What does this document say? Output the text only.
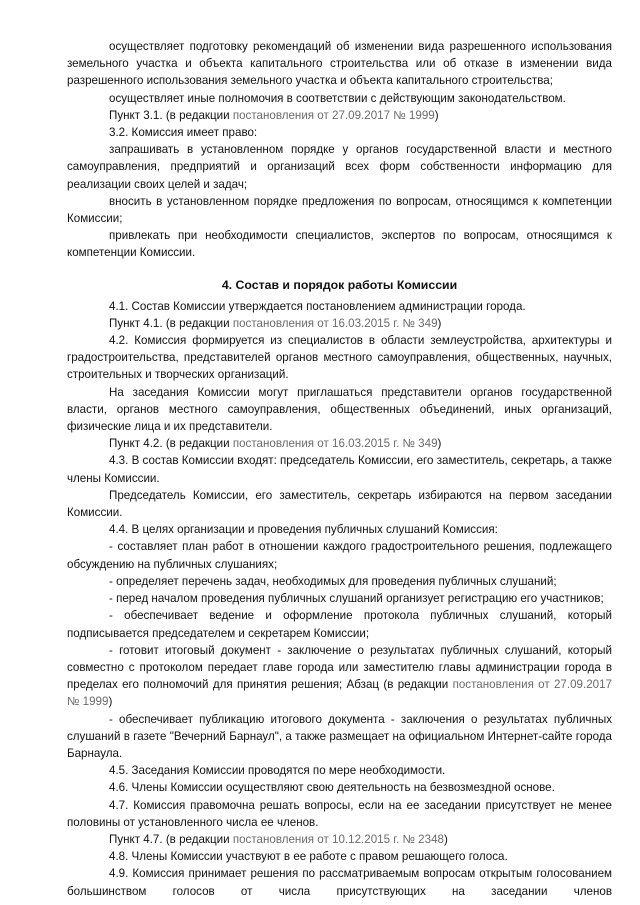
осуществляет подготовку рекомендаций об изменении вида разрешенного использования земельного участка и объекта капитального строительства или об отказе в изменении вида разрешенного использования земельного участка и объекта капитального строительства;

осуществляет иные полномочия в соответствии с действующим законодательством.

Пункт 3.1. (в редакции постановления от 27.09.2017 № 1999)

3.2. Комиссия имеет право:

запрашивать в установленном порядке у органов государственной власти и местного самоуправления, предприятий и организаций всех форм собственности информацию для реализации своих целей и задач;

вносить в установленном порядке предложения по вопросам, относящимся к компетенции Комиссии;

привлекать при необходимости специалистов, экспертов по вопросам, относящимся к компетенции Комиссии.

4. Состав и порядок работы Комиссии

4.1. Состав Комиссии утверждается постановлением администрации города.

Пункт 4.1. (в редакции постановления от 16.03.2015 г. № 349)

4.2. Комиссия формируется из специалистов в области землеустройства, архитектуры и градостроительства, представителей органов местного самоуправления, общественных, научных, строительных и творческих организаций.

На заседания Комиссии могут приглашаться представители органов государственной власти, органов местного самоуправления, общественных объединений, иных организаций, физические лица и их представители.

Пункт 4.2. (в редакции постановления от 16.03.2015 г. № 349)

4.3. В состав Комиссии входят: председатель Комиссии, его заместитель, секретарь, а также члены Комиссии.

Председатель Комиссии, его заместитель, секретарь избираются на первом заседании Комиссии.

4.4. В целях организации и проведения публичных слушаний Комиссия:

- составляет план работ в отношении каждого градостроительного решения, подлежащего обсуждению на публичных слушаниях;

- определяет перечень задач, необходимых для проведения публичных слушаний;

- перед началом проведения публичных слушаний организует регистрацию его участников;

- обеспечивает ведение и оформление протокола публичных слушаний, который подписывается председателем и секретарем Комиссии;

- готовит итоговый документ - заключение о результатах публичных слушаний, который совместно с протоколом передает главе города или заместителю главы администрации города в пределах его полномочий для принятия решения; Абзац (в редакции постановления от 27.09.2017 № 1999)

- обеспечивает публикацию итогового документа - заключения о результатах публичных слушаний в газете "Вечерний Барнаул", а также размещает на официальном Интернет-сайте города Барнаула.

4.5. Заседания Комиссии проводятся по мере необходимости.

4.6. Члены Комиссии осуществляют свою деятельность на безвозмездной основе.

4.7. Комиссия правомочна решать вопросы, если на ее заседании присутствует не менее половины от установленного числа ее членов.

Пункт 4.7. (в редакции постановления от 10.12.2015 г. № 2348)

4.8. Члены Комиссии участвуют в ее работе с правом решающего голоса.

4.9. Комиссия принимает решения по рассматриваемым вопросам открытым голосованием большинством голосов от числа присутствующих на заседании членов
